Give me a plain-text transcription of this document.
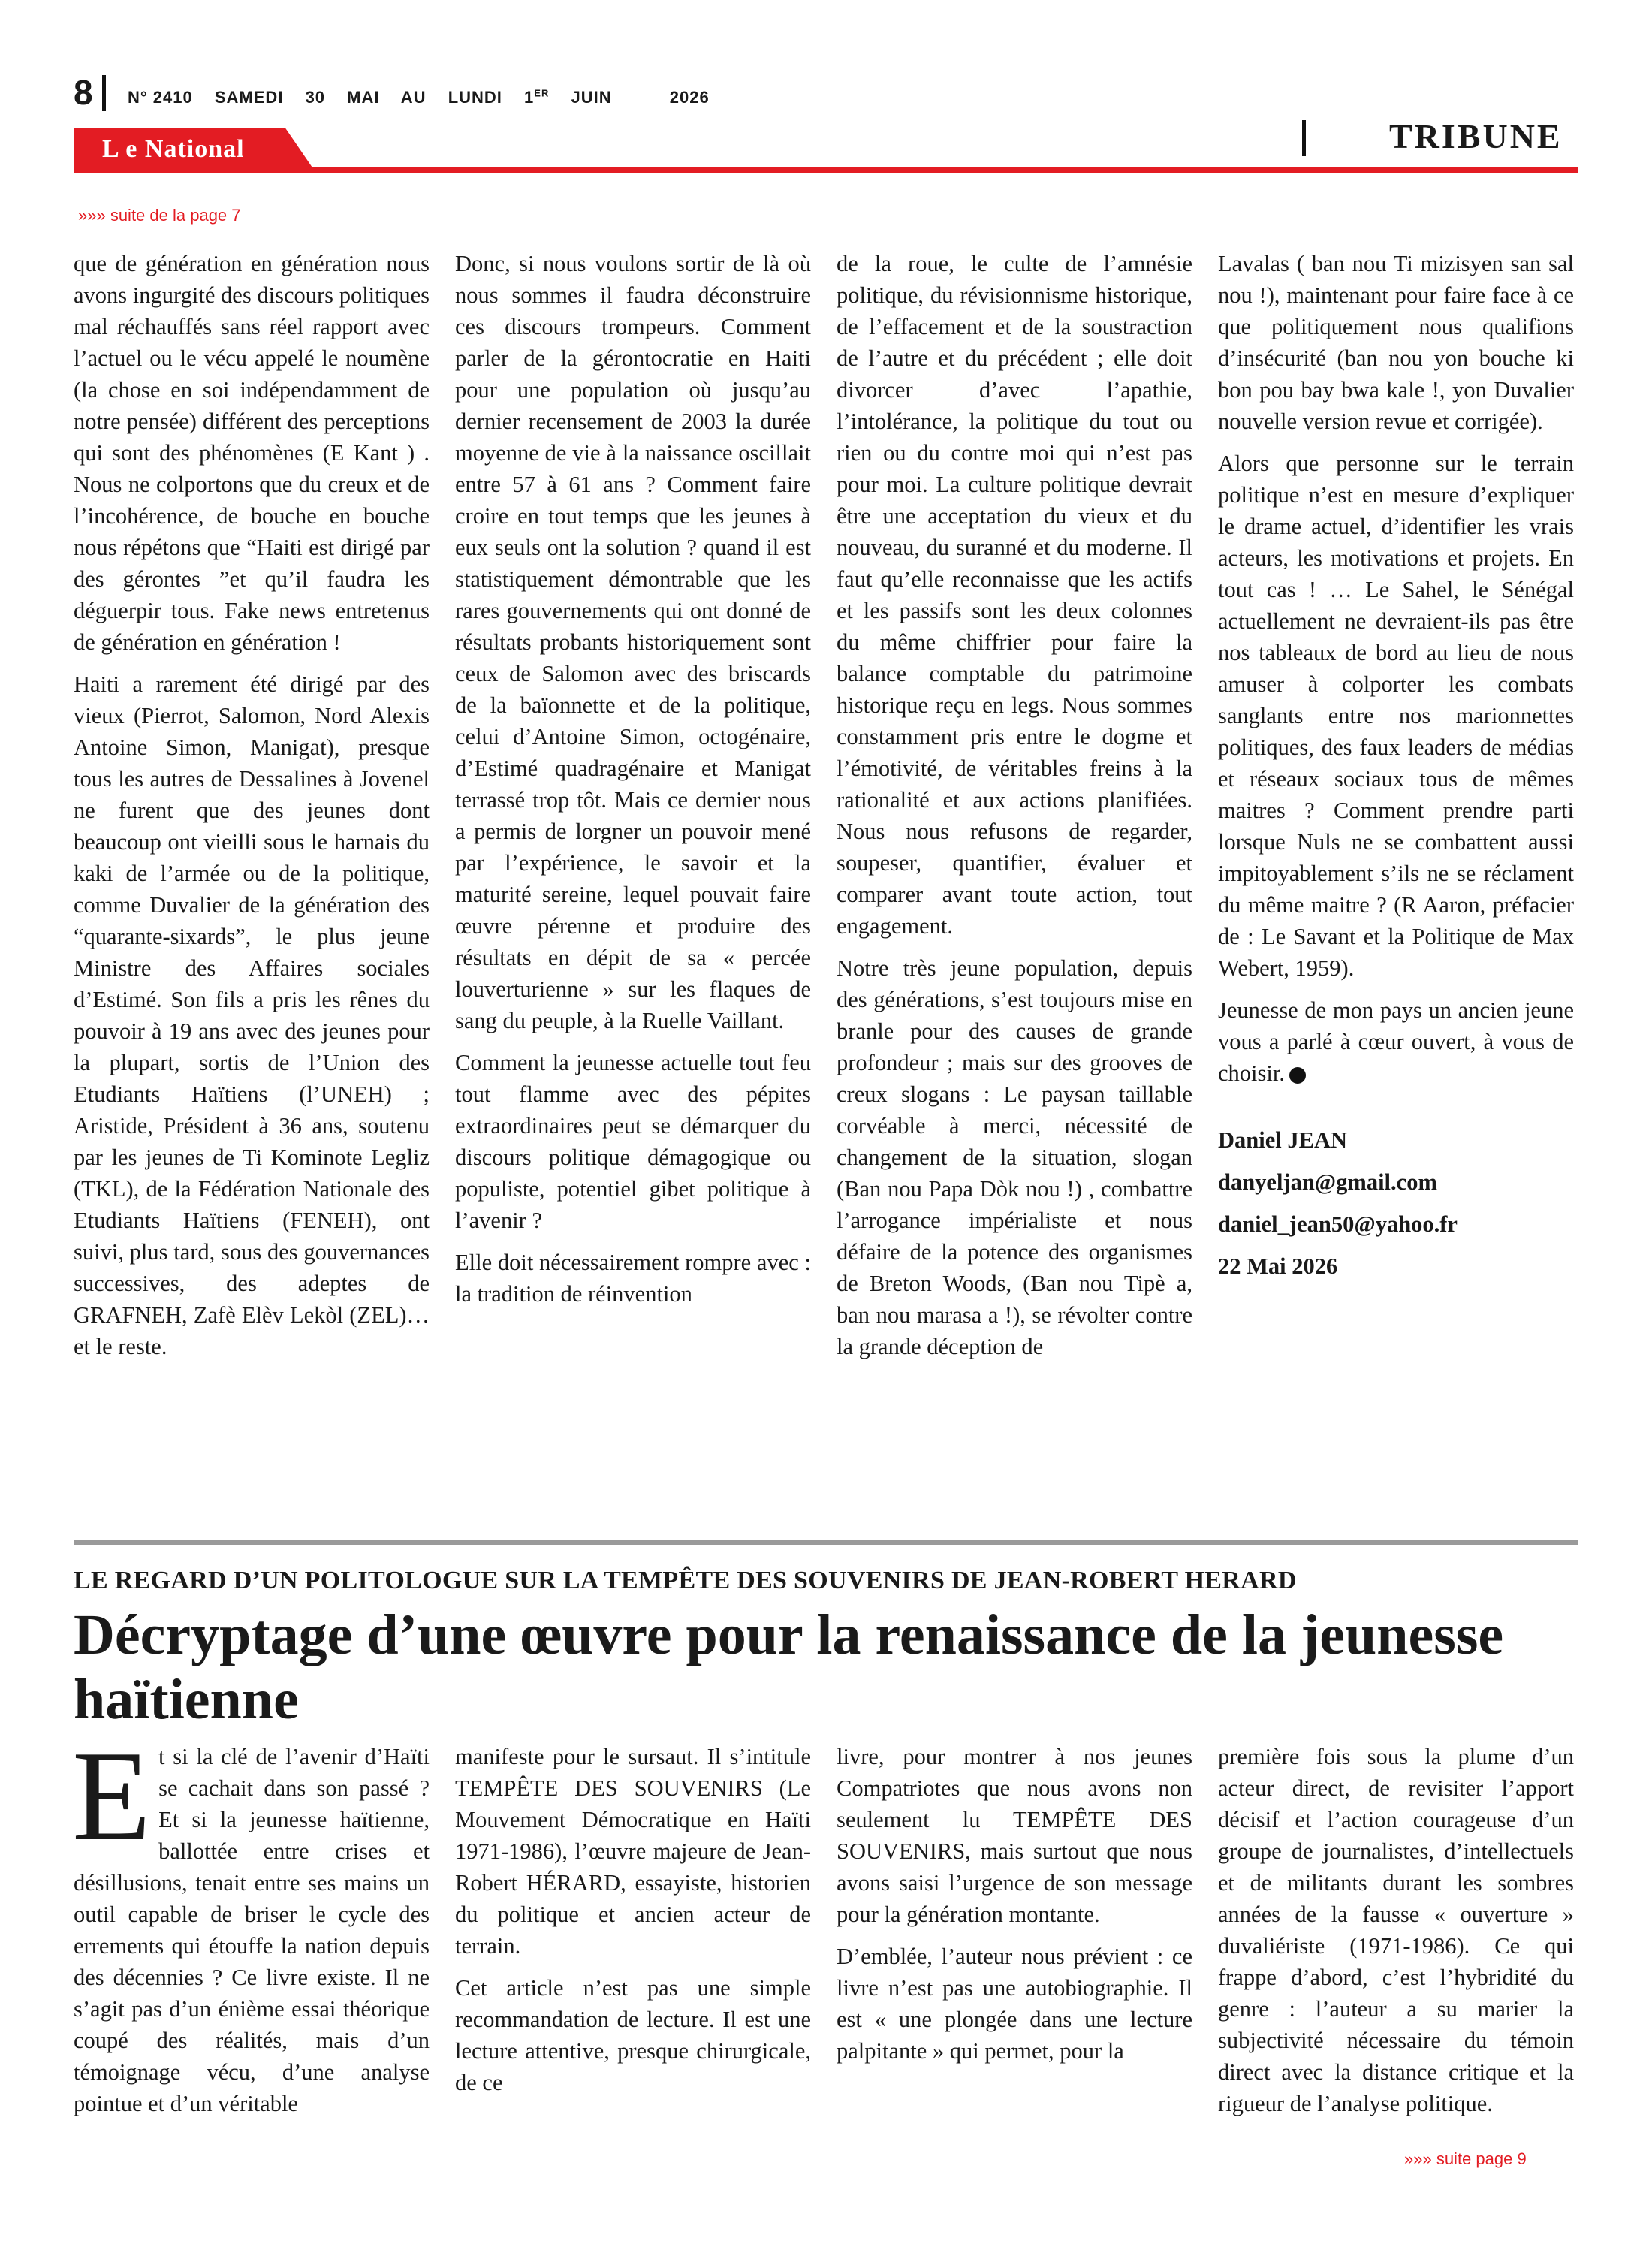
8 N° 2410 SAMEDI 30 MAI AU LUNDI 1ER JUIN	2026
L e National	TRIBUNE
»»» suite de la page 7

que de génération en génération nous avons ingurgité des discours politiques mal réchauffés sans réel rapport avec l’actuel ou le vécu appelé le noumène (la chose en soi indépendamment de notre pensée) différent des perceptions qui sont des phénomènes (E Kant ) . Nous ne colportons que du creux et de l’incohérence, de bouche en bouche nous répétons que “Haiti est dirigé par des gérontes ”et qu’il faudra les déguerpir tous. Fake news entretenus de génération en génération !

Haiti a rarement été dirigé par des vieux (Pierrot, Salomon, Nord Alexis Antoine Simon, Manigat), presque tous les autres de Dessalines à Jovenel ne furent que des jeunes dont beaucoup ont vieilli sous le harnais du kaki de l’armée ou de la politique, comme Duvalier de la génération des “quarante-sixards”, le plus jeune Ministre des Affaires sociales d’Estimé. Son fils a pris les rênes du pouvoir à 19 ans avec des jeunes pour la plupart, sortis de l’Union des Etudiants Haïtiens (l’UNEH) ; Aristide, Président à 36 ans, soutenu par les jeunes de Ti Kominote Legliz (TKL), de la Fédération Nationale des Etudiants Haïtiens (FENEH), ont suivi, plus tard, sous des gouvernances successives, des adeptes de GRAFNEH, Zafè Elèv Lekòl (ZEL)… et le reste.

Donc, si nous voulons sortir de là où nous sommes il faudra déconstruire ces discours trompeurs. Comment parler de la gérontocratie en Haiti pour une population où jusqu’au dernier recensement de 2003 la durée moyenne de vie à la naissance oscillait entre 57 à 61 ans ? Comment faire croire en tout temps que les jeunes à eux seuls ont la solution ? quand il est statistiquement démontrable que les rares gouvernements qui ont donné de résultats probants historiquement sont ceux de Salomon avec des briscards de la baïonnette et de la politique, celui d’Antoine Simon, octogénaire, d’Estimé quadragénaire et Manigat terrassé trop tôt. Mais ce dernier nous a permis de lorgner un pouvoir mené par l’expérience, le savoir et la maturité sereine, lequel pouvait faire œuvre pérenne et produire des résultats en dépit de sa « percée louverturienne » sur les flaques de sang du peuple, à la Ruelle Vaillant.

Comment la jeunesse actuelle tout feu tout flamme avec des pépites extraordinaires peut se démarquer du discours politique démagogique ou populiste, potentiel gibet politique à l’avenir ?

Elle doit nécessairement rompre avec : la tradition de réinvention

de la roue, le culte de l’amnésie politique, du révisionnisme historique, de l’effacement et de la soustraction de l’autre et du précédent ; elle doit divorcer d’avec l’apathie, l’intolérance, la politique du tout ou rien ou du contre moi qui n’est pas pour moi. La culture politique devrait être une acceptation du vieux et du nouveau, du suranné et du moderne. Il faut qu’elle reconnaisse que les actifs et les passifs sont les deux colonnes du même chiffrier pour faire la balance comptable du patrimoine historique reçu en legs. Nous sommes constamment pris entre le dogme et l’émotivité, de véritables freins à la rationalité et aux actions planifiées. Nous nous refusons de regarder, soupeser, quantifier, évaluer et comparer avant toute action, tout engagement.

Notre très jeune population, depuis des générations, s’est toujours mise en branle pour des causes de grande profondeur ; mais sur des grooves de creux slogans : Le paysan taillable corvéable à merci, nécessité de changement de la situation, slogan (Ban nou Papa Dòk nou !) , combattre l’arrogance impérialiste et nous défaire de la potence des organismes de Breton Woods, (Ban nou Tipè a, ban nou marasa a !), se révolter contre la grande déception de

Lavalas ( ban nou Ti mizisyen san sal nou !), maintenant pour faire face à ce que politiquement nous qualifions d’insécurité (ban nou yon bouche ki bon pou bay bwa kale !, yon Duvalier nouvelle version revue et corrigée).

Alors que personne sur le terrain politique n’est en mesure d’expliquer le drame actuel, d’identifier les vrais acteurs, les motivations et projets. En tout cas ! … Le Sahel, le Sénégal actuellement ne devraient-ils pas être nos tableaux de bord au lieu de nous amuser à colporter les combats sanglants entre nos marionnettes politiques, des faux leaders de médias et réseaux sociaux tous de mêmes maitres ? Comment prendre parti lorsque Nuls ne se combattent aussi impitoyablement s’ils ne se réclament du même maitre ? (R Aaron, préfacier de : Le Savant et la Politique de Max Webert, 1959).

Jeunesse de mon pays un ancien jeune vous a parlé à cœur ouvert, à vous de choisir.

Daniel JEAN
danyeljan@gmail.com
daniel_jean50@yahoo.fr
22 Mai 2026
LE REGARD D’UN POLITOLOGUE SUR LA TEMPÊTE DES SOUVENIRS DE JEAN-ROBERT HERARD
Décryptage d’une œuvre pour la renaissance de la jeunesse haïtienne

Et si la clé de l’avenir d’Haïti se cachait dans son passé ? Et si la jeunesse haïtienne, ballottée entre crises et désillusions, tenait entre ses mains un outil capable de briser le cycle des errements qui étouffe la nation depuis des décennies ? Ce livre existe. Il ne s’agit pas d’un énième essai théorique coupé des réalités, mais d’un témoignage vécu, d’une analyse pointue et d’un véritable

manifeste pour le sursaut. Il s’intitule TEMPÊTE DES SOUVENIRS (Le Mouvement Démocratique en Haïti 1971-1986), l’œuvre majeure de Jean-Robert HÉRARD, essayiste, historien du politique et ancien acteur de terrain.

Cet article n’est pas une simple recommandation de lecture. Il est une lecture attentive, presque chirurgicale, de ce

livre, pour montrer à nos jeunes Compatriotes que nous avons non seulement lu TEMPÊTE DES SOUVENIRS, mais surtout que nous avons saisi l’urgence de son message pour la génération montante.

D’emblée, l’auteur nous prévient : ce livre n’est pas une autobiographie. Il est « une plongée dans une lecture palpitante » qui permet, pour la

première fois sous la plume d’un acteur direct, de revisiter l’apport décisif et l’action courageuse d’un groupe de journalistes, d’intellectuels et de militants durant les sombres années de la fausse « ouverture » duvaliériste (1971-1986). Ce qui frappe d’abord, c’est l’hybridité du genre : l’auteur a su marier la subjectivité nécessaire du témoin direct avec la distance critique et la rigueur de l’analyse politique.

»»» suite page 9
